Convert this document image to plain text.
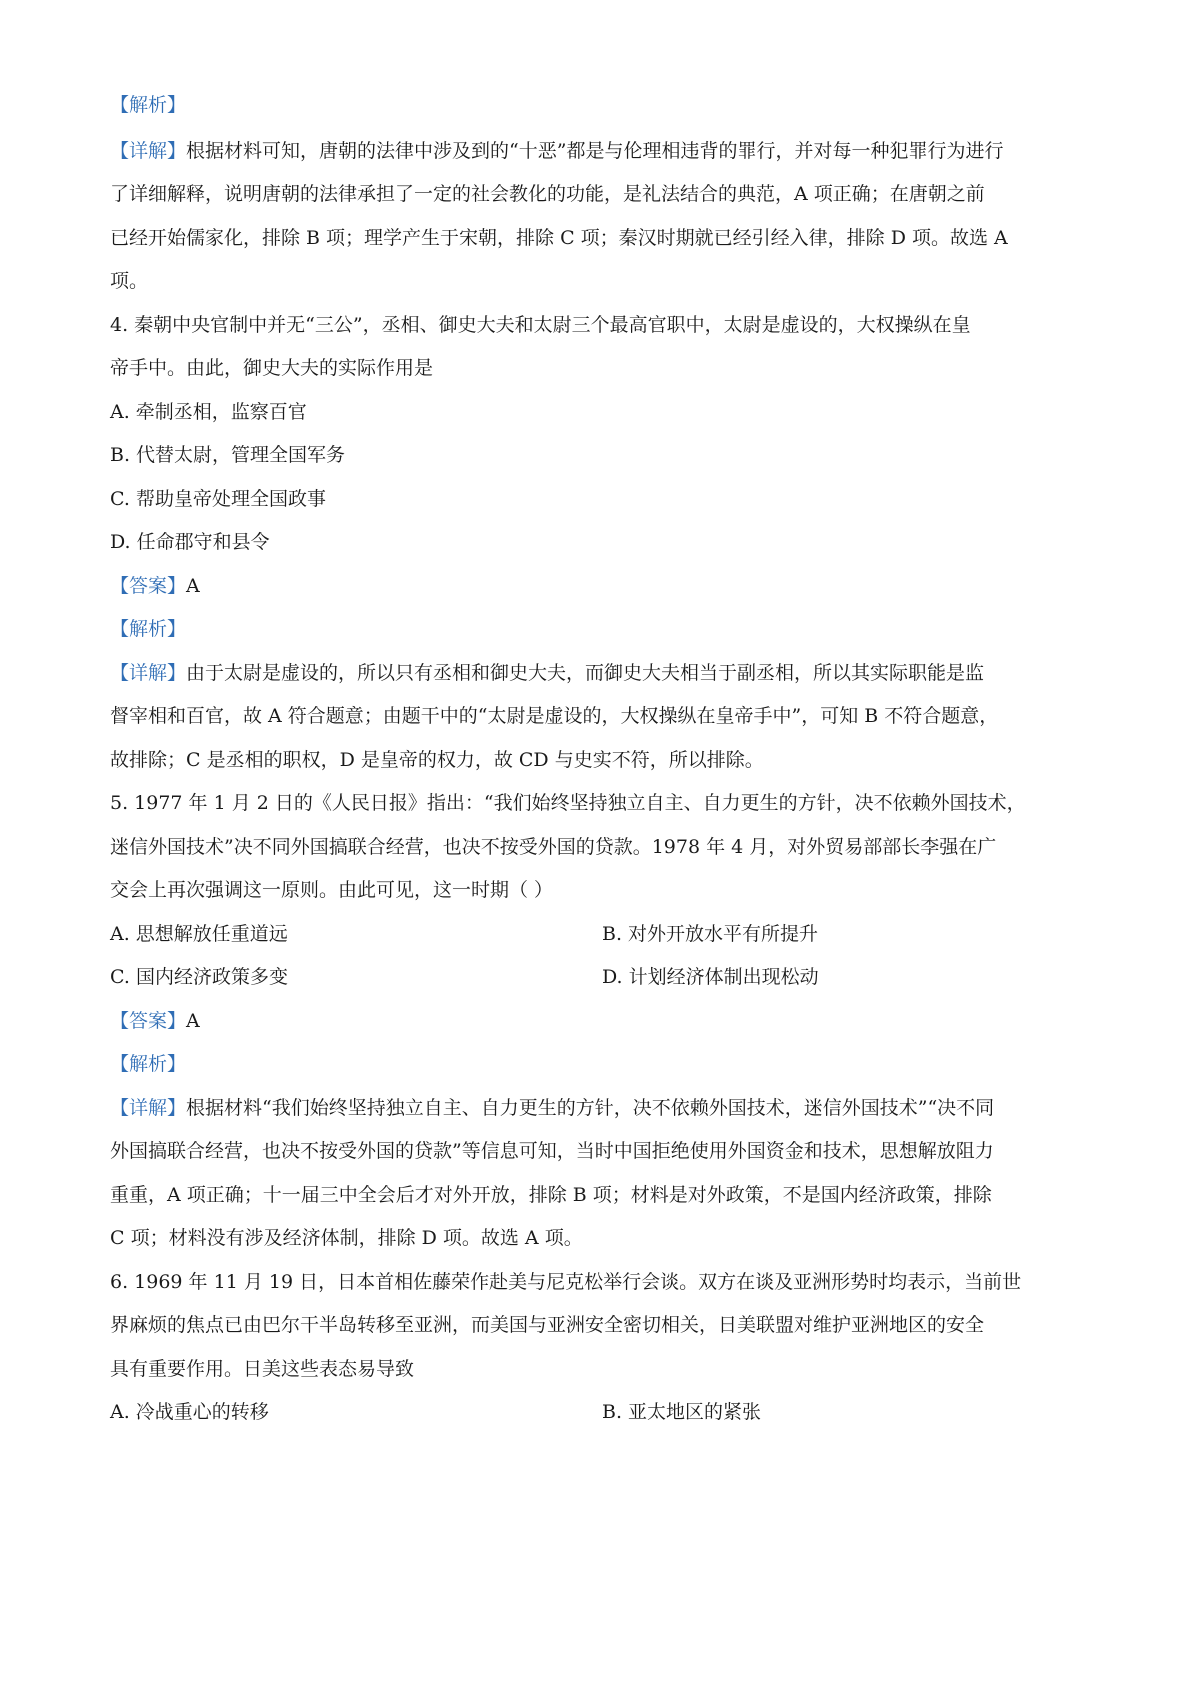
【解析】
【详解】根据材料可知，唐朝的法律中涉及到的“十恶”都是与伦理相违背的罪行，并对每一种犯罪行为进行
了详细解释，说明唐朝的法律承担了一定的社会教化的功能，是礼法结合的典范，A 项正确；在唐朝之前
已经开始儒家化，排除 B 项；理学产生于宋朝，排除 C 项；秦汉时期就已经引经入律，排除 D 项。故选 A
项。
4. 秦朝中央官制中并无“三公”，丞相、御史大夫和太尉三个最高官职中，太尉是虚设的，大权操纵在皇
帝手中。由此，御史大夫的实际作用是
A. 牵制丞相，监察百官
B. 代替太尉，管理全国军务
C. 帮助皇帝处理全国政事
D. 任命郡守和县令
【答案】A
【解析】
【详解】由于太尉是虚设的，所以只有丞相和御史大夫，而御史大夫相当于副丞相，所以其实际职能是监
督宰相和百官，故 A 符合题意；由题干中的“太尉是虚设的，大权操纵在皇帝手中”，可知 B 不符合题意，
故排除；C 是丞相的职权，D 是皇帝的权力，故 CD 与史实不符，所以排除。
5. 1977 年 1 月 2 日的《人民日报》指出：“我们始终坚持独立自主、自力更生的方针，决不依赖外国技术，
迷信外国技术”决不同外国搞联合经营，也决不按受外国的贷款。1978 年 4 月，对外贸易部部长李强在广
交会上再次强调这一原则。由此可见，这一时期（ ）
A. 思想解放任重道远	B. 对外开放水平有所提升
C. 国内经济政策多变	D. 计划经济体制出现松动
【答案】A
【解析】
【详解】根据材料“我们始终坚持独立自主、自力更生的方针，决不依赖外国技术，迷信外国技术”“决不同
外国搞联合经营，也决不按受外国的贷款”等信息可知，当时中国拒绝使用外国资金和技术，思想解放阻力
重重，A 项正确；十一届三中全会后才对外开放，排除 B 项；材料是对外政策，不是国内经济政策，排除
C 项；材料没有涉及经济体制，排除 D 项。故选 A 项。
6. 1969 年 11 月 19 日，日本首相佐藤荣作赴美与尼克松举行会谈。双方在谈及亚洲形势时均表示，当前世
界麻烦的焦点已由巴尔干半岛转移至亚洲，而美国与亚洲安全密切相关，日美联盟对维护亚洲地区的安全
具有重要作用。日美这些表态易导致
A. 冷战重心的转移	B. 亚太地区的紧张
